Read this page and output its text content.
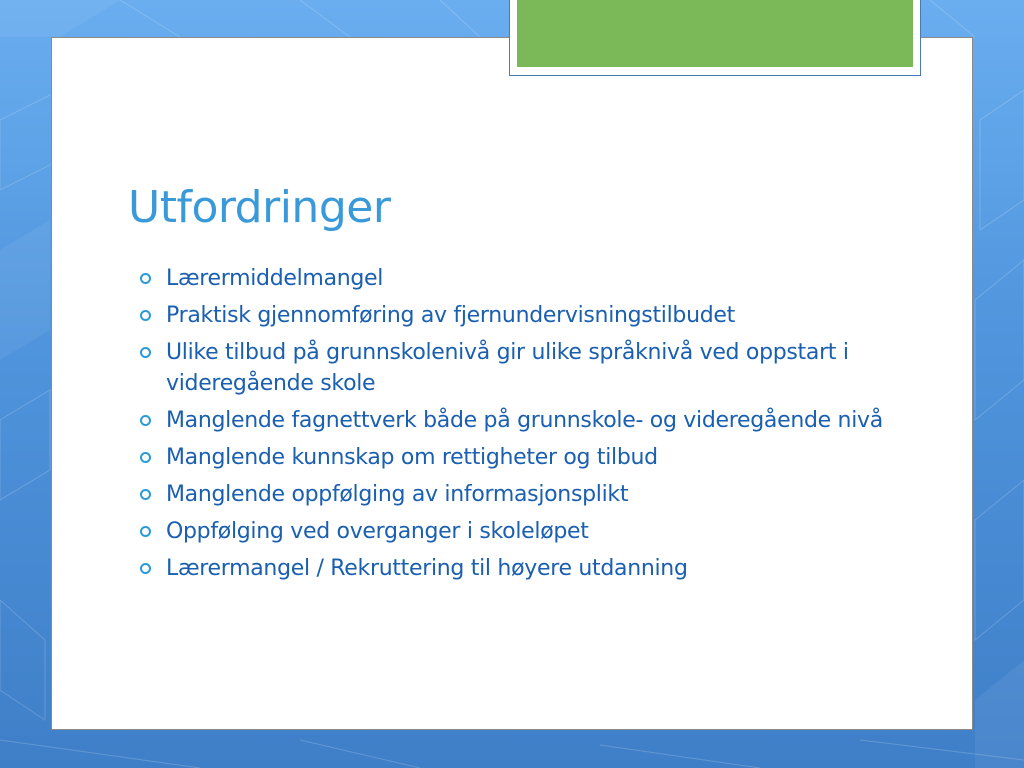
Utfordringer
Lærermiddelmangel
Praktisk gjennomføring av fjernundervisningstilbudet
Ulike tilbud på grunnskolenivå gir ulike språknivå ved oppstart i videregående skole
Manglende fagnettverk både på grunnskole- og videregående nivå
Manglende kunnskap om rettigheter og tilbud
Manglende oppfølging av informasjonsplikt
Oppfølging ved overganger i skoleløpet
Lærermangel / Rekruttering til høyere utdanning
